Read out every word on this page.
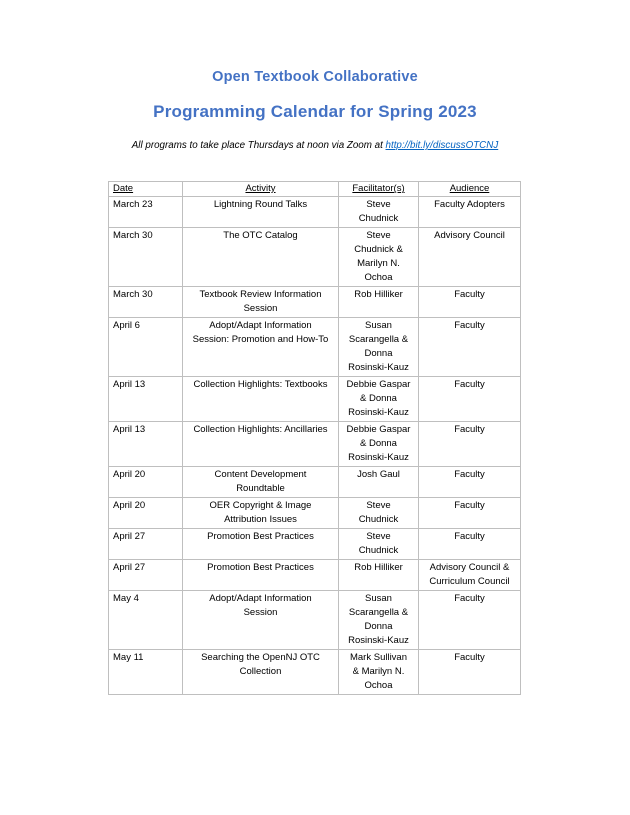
Open Textbook Collaborative
Programming Calendar for Spring 2023

All programs to take place Thursdays at noon via Zoom at http://bit.ly/discussOTCNJ

Date	Activity	Facilitator(s)	Audience
March 23	Lightning Round Talks	Steve Chudnick	Faculty Adopters
March 30	The OTC Catalog	Steve Chudnick & Marilyn N. Ochoa	Advisory Council
March 30	Textbook Review Information Session	Rob Hilliker	Faculty
April 6	Adopt/Adapt Information Session: Promotion and How-To	Susan Scarangella & Donna Rosinski-Kauz	Faculty
April 13	Collection Highlights: Textbooks	Debbie Gaspar & Donna Rosinski-Kauz	Faculty
April 13	Collection Highlights: Ancillaries	Debbie Gaspar & Donna Rosinski-Kauz	Faculty
April 20	Content Development Roundtable	Josh Gaul	Faculty
April 20	OER Copyright & Image Attribution Issues	Steve Chudnick	Faculty
April 27	Promotion Best Practices	Steve Chudnick	Faculty
April 27	Promotion Best Practices	Rob Hilliker	Advisory Council & Curriculum Council
May 4	Adopt/Adapt Information Session	Susan Scarangella & Donna Rosinski-Kauz	Faculty
May 11	Searching the OpenNJ OTC Collection	Mark Sullivan & Marilyn N. Ochoa	Faculty
